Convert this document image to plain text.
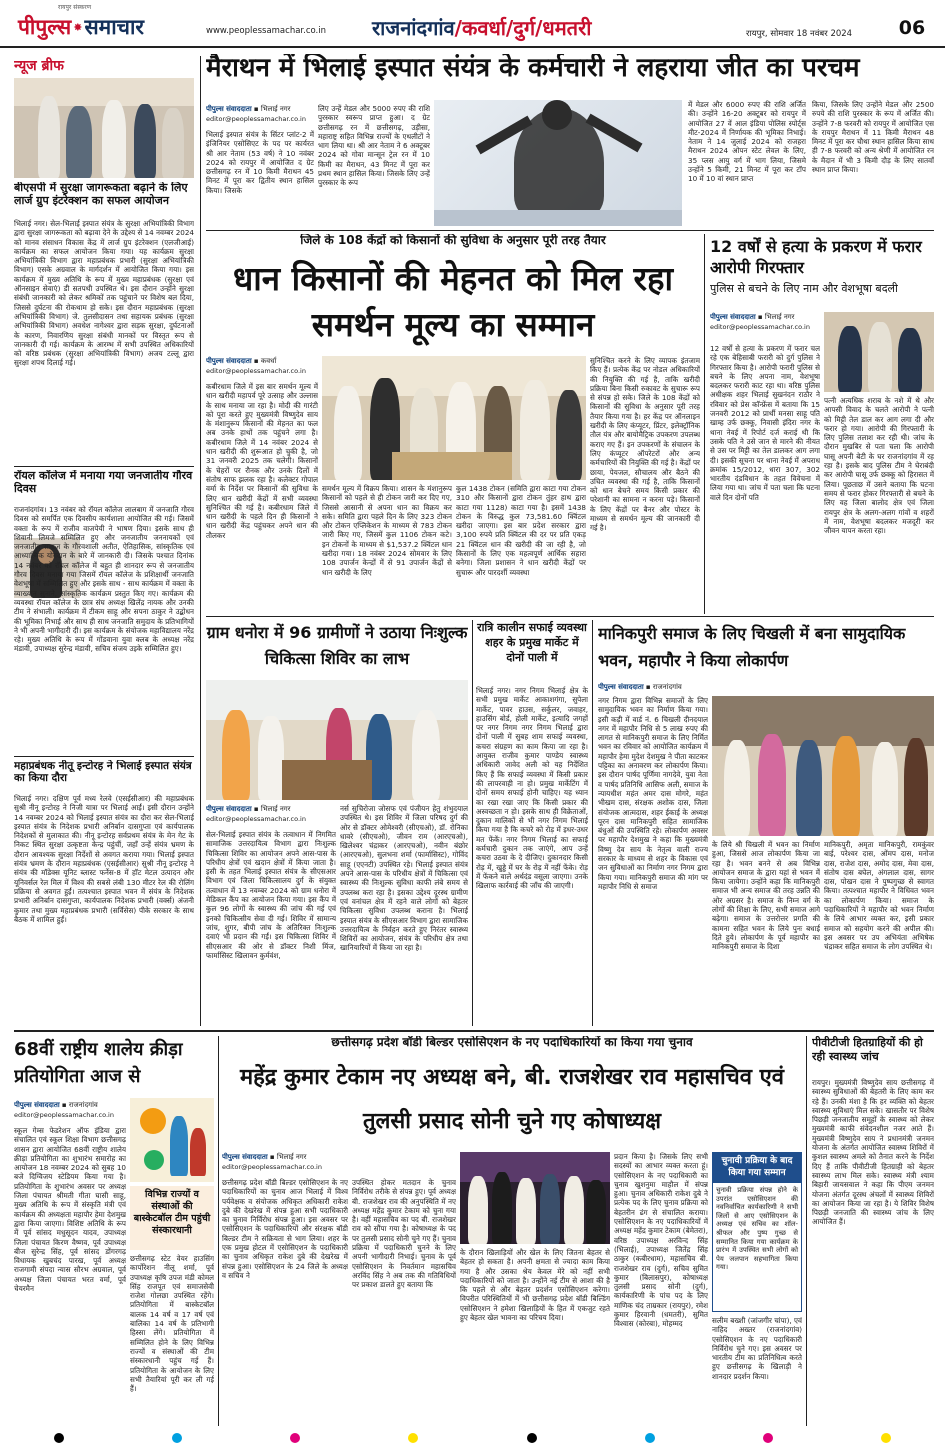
रायपुर संस्करण
पीपुल्स ✸ समाचार	www.peoplessamachar.co.in राजनांदगांव/कवर्धा/दुर्ग/धमतरी	रायपुर, सोमवार 18 नवंबर 2024 06
न्यूज ब्रीफ
बीएसपी में सुरक्षा जागरूकता बढ़ाने के लिए लार्ज ग्रुप इंटरेक्शन का सफल आयोजन
भिलाई नगर। सेल-भिलाई इस्पात संयंत्र के सुरक्षा अभियांत्रिकी विभाग द्वारा सुरक्षा जागरूकता को बढ़ावा देने के उद्देश्य से 14 नवम्बर 2024 को मानव संसाधन विकास केंद्र में लार्ज ग्रुप इंटरेक्शन (एलजीआई) कार्यक्रम का सफल आयोजन किया गया। यह कार्यक्रम सुरक्षा अभियांत्रिकी विभाग द्वारा महाप्रबंधक प्रभारी (सुरक्षा अभियांत्रिकी विभाग) एसके अग्रवाल के मार्गदर्शन में आयोजित किया गया। इस कार्यक्रम में मुख्य अतिथि के रूप में मुख्य महाप्रबंधक (सुरक्षा एवं ऑनसाइन सेवाएं) डी सतपथी उपस्थित थे। इस दौरान उन्होंने सुरक्षा संबंधी जानकारी को लेकर श्रमिकों तक पहुंचाने पर विशेष बल दिया, जिससे दुर्घटना की रोकथाम हो सके। इस दौरान महाप्रबंधक (सुरक्षा अभियांत्रिकी विभाग) जे. तुलसीदासन तथा सहायक प्रबंधक (सुरक्षा अभियांत्रिकी विभाग) अवधेश नागेश्वर द्वारा सड़क सुरक्षा, दुर्घटनाओं के कारण, निवारणिय सुरक्षा संबंधी मानकों पर विस्तृत रूप से जानकारी दी गई। कार्यक्रम के आरम्भ में सभी उपस्थित अधिकारियों को वरिष्ठ प्रबंधक (सुरक्षा अभियांत्रिकी विभाग) अजय टल्लू द्वारा सुरक्षा शपथ दिलाई गई।
रॉयल कॉलेज में मनाया गया जनजातीय गौरव दिवस
राजनांदगांव। 13 नवंबर को रॉयल कॉलेज लालबाग में जनजाति गौरव दिवस को समर्पित एक दिवसीय कार्यशाला आयोजित की गई। जिसमें वक्ता के रूप में राजीव वाजपेयी ने भाषण दिया। इसके साथ ही शिवानी लिमजे सम्मिलित हुए और जनजातीय जननायकों एवं जनजातीय समाज के गौरवशाली अतीत, ऐतिहासिक, सांस्कृतिक एवं आध्यात्मिक योगदान के बारे में जानकारी दी। जिसके पश्चात दिनांक 14 नवंबर को रॉयल कॉलेज में बहुत ही शानदार रूप से जनजातीय गौरव दिवस मनाया गया जिसमें रॉयल कॉलेज के प्रशिक्षार्थी जनजाति वेशभूषा में सम्मिलित हुए और इसके साथ - साथ कार्यक्रम में वक्ता के व्याख्यान सुनाने, सांस्कृतिक कार्यक्रम प्रस्तुत किए गए। कार्यक्रम की व्यवस्था रॉयल कॉलेज के छात्र संघ अध्यक्ष खिलेंद्र नायक और उनकी टीम ने संभाली। कार्यक्रम में टीकम साहू और सपना ठाकुर ने उद्बोधन की भूमिका निभाई और साथ ही साथ जनजाति समुदाय के प्रतिभागियों ने भी अपनी भागीदारी दी। इस कार्यक्रम के संयोजक महाविद्यालय नरेंद्र रहे। मुख्य अतिथि के रूप में गोंडवाना युवा क्लब के अध्यक्ष नरेंद्र मंडावी, उपाध्यक्ष सुरेन्द्र मंडावी, सचिव संजय उइके सम्मिलित हुए।
महाप्रबंधक नीतू इन्टोरह ने भिलाई इस्पात संयंत्र का किया दौरा
भिलाई नगर। दक्षिण पूर्व मध्य रेलवे (एसईसीआर) की महाप्रबंधक सुश्री नीनू इन्टोरह ने निजी यात्रा पर भिलाई आईं। इसी दौरान उन्होंने 14 नवम्बर 2024 को भिलाई इस्पात संयंत्र का दौरा कर सेल-भिलाई इस्पात संयंत्र के निदेशक प्रभारी अनिर्बान दासगुप्ता एवं कार्यपालक निदेशकों से मुलाकात की। नीनू इन्टोरह सर्वप्रथम संयंत्र के मेन गेट के निकट स्थित सुरक्षा उत्कृष्टता केन्द्र पहुंचीं, जहाँ उन्हें संयंत्र भ्रमण के दौरान आवश्यक सुरक्षा निर्देशों से अवगत कराया गया। भिलाई इस्पात संयंत्र भ्रमण के दौरान महाप्रबंधक (एसईसीआर) सुश्री नीनू इन्टोरह ने संयंत्र की मॉडेक्स यूनिट ब्लास्ट फर्नेस-8 में हॉट मेटल उत्पादन और यूनिवर्सल रेल मिल में विश्व की सबसे लंबी 130 मीटर रेल की रोलिंग प्रक्रिया से अवगत हुईं। तत्पश्चात इस्पात भवन में संयंत्र के निदेशक प्रभारी अनिर्बान दासगुप्ता, कार्यपालक निदेशक प्रभारी (वर्क्स) अंजनी कुमार तथा मुख्य महाप्रबंधक प्रभारी (सर्विसेस) पीके सरकार के साथ बैठक में शामिल हुईं।
मैराथन में भिलाई इस्पात संयंत्र के कर्मचारी ने लहराया जीत का परचम
पीपुल्स संवाददाता ▪ भिलाई नगर
editor@peoplessamachar.co.in
भिलाई इस्पात संयंत्र के सिंटर प्लांट-2 में इंजिनियर एसोसिएट के पद पर कार्यरत श्री आर नेताम (53 वर्ष) ने 10 नवंबर 2024 को रायपुर में आयोजित द ग्रेट छत्तीसगढ़ रन में 10 किमी मैराथन 45 मिनट में पूरा कर द्वितीय स्थान हासिल किया। जिसके
लिए उन्हें मेडल और 5000 रुपए की राशि पुरस्कार स्वरूप प्राप्त हुआ। द ग्रेट छत्तीसगढ़ रन में छत्तीसगढ़, उड़ीसा, महाराष्ट्र सहित विभिन्न राज्यों के एथलीटों ने भाग लिया था। श्री आर नेताम ने 6 अक्टूबर 2024 को गोवा मान्सून ट्रेल रन में 10 किमी का मैराथन, 43 मिनट में पूरा कर प्रथम स्थान हासिल किया। जिसके लिए उन्हें पुरस्कार के रूप
में मेडल और 6000 रुपए की राशि अर्जित की। उन्होंने 16-20 अक्टूबर को रायपुर में आयोजित 27 वें आल इंडिया पोलिस स्पोर्ट्स मीट-2024 में निर्णायक की भूमिका निभाई। नेताम ने 14 जुलाई 2024 को राजहरा मैराथन 2024 ओपन स्टेट लेवल के लिए, 35 प्लस आयु वर्ग में भाग लिया, जिसमे उन्होंने 5 किमी, 21 मिनट में पूरा कर टॉप 10 में 10 वां स्थान प्राप्त
किया, जिसके लिए उन्होंने मेडल और 2500 रुपये की राशि पुरस्कार के रूप में अर्जित की। उन्होंने 7-8 फरवरी को रायपुर में आयोजित एस के रायपुर मैराथन में 11 किमी मैराथन 48 मिनट में पूरा कर चौथा स्थान हासिल किया साथ ही 7-8 फरवरी को अन्य श्रेणी में आयोजित रन के मैदान में भी 3 किमी दौड़ के लिए सातवाँ स्थान प्राप्त किया।
जिले के 108 केंद्रों को किसानों की सुविधा के अनुसार पूरी तरह तैयार
धान किसानों की मेहनत को मिल रहा समर्थन मूल्य का सम्मान
पीपुल्स संवाददाता ▪ कवर्धा
editor@peoplessamachar.co.in
कबीरधाम जिले में इस बार समर्थन मूल्य में धान खरीदी महापर्व पूरे उत्साह और उल्लास के साथ मनाया जा रहा है। मोदी की गारंटी को पूरा करते हुए मुख्यमंत्री विष्णुदेव साय के मंशानुरूप किसानों की मेहनत का फल अब उनके हाथों तक पहुंचने लगा है। कबीरधाम जिले में 14 नवंबर 2024 से धान खरीदी की शुरूआत हो चुकी है, जो 31 जनवरी 2025 तक चलेगी। किसानों के चेहरों पर रौनक और उनके दिलों में संतोष साफ झलक रहा है। कलेक्टर गोपाल वर्मा के निर्देश पर किसानों की सुविधा के लिए धान खरीदी केंद्रों में सभी व्यवस्था सुनिश्चित की गई है। कबीरधाम जिले में धान खरीदी के पहले दिन ही किसानों ने धान खरीदी केंद्र पहुंचकर अपने धान की तौलकर
समर्थन मूल्य में विक्रय किया। शासन के मंशानुरूप किसानों को पहले से ही टोकन जारी कर दिए गए, जिससे आसानी से अपना धान का विक्रय कर सके। समिति द्वारा पहले दिन के लिए 323 टोकन और टोकन एप्लिकेशन के माध्यम से 783 टोकन जारी किए गए, जिसमें कुल 1106 टोकन कटे। इन टोकनों के माध्यम से $1,537.2 क्विंटल धान खरीदा गया। 18 नवंबर 2024 सोमवार के लिए 108 उपार्जन केन्द्रों में से 91 उपार्जन केंद्रों से धान खरीदी के लिए
कुल 1438 टोकन (समिति द्वारा काटा गया टोकन 310 और किसानों द्वारा टोकन तुंहर हाथ द्वारा काटा गया 1128) काटा गया है। इसमें 1438 टोकन के विरुद्ध कुल 73,581.60 क्विंटल खरीदा जाएगा। इस बार प्रदेश सरकार द्वारा 3,100 रुपये प्रति क्विंटल की दर पर प्रति एकड़ 21 क्विंटल धान की खरीदी की जा रही है, जो किसानों के लिए एक महत्वपूर्ण आर्थिक सहारा बनेगा। जिला प्रशासन ने धान खरीदी केंद्रों पर सुचारू और पारदर्शी व्यवस्था
सुनिश्चित करने के लिए व्यापक इंतजाम किए हैं। प्रत्येक केंद्र पर नोडल अधिकारियों की नियुक्ति की गई है, ताकि खरीदी प्रक्रिया बिना किसी रुकावट के सुचारू रूप से संपन्न हो सके। जिले के 108 केंद्रों को किसानों की सुविधा के अनुसार पूरी तरह तैयार किया गया है। हर केंद्र पर ऑनलाइन खरीदी के लिए कंप्यूटर, प्रिंटर, इलेक्ट्रॉनिक तौल यंत्र और बायोमैट्रिक उपकरण उपलब्ध कराए गए हैं। इन उपकरणों के संचालन के लिए कंप्यूटर ऑपरेटरों और अन्य कर्मचारियों की नियुक्ति की गई है। केंद्रों पर छाया, पेयजल, सौचालय और बैठने की उचित व्यवस्था की गई है, ताकि किसानों को धान बेचने समय किसी प्रकार की परेशानी का सामना न करना पड़े। किसानों के लिए केंद्रों पर बैनर और पोस्टर के माध्यम से समर्थन मूल्य की जानकारी दी गई है।
12 वर्षों से हत्या के प्रकरण में फरार आरोपी गिरफ्तार
पुलिस से बचने के लिए नाम और वेशभूषा बदली
पीपुल्स संवाददाता ▪ भिलाई नगर
editor@peoplessamachar.co.in
12 वर्षों से हत्या के प्रकरण में फरार चल रहे एक बेहिसाबी फरारी को दुर्ग पुलिस ने गिरफ्तार किया है। आरोपी फरारी पुलिस से बचने के लिए अपना नाम, वेशभूषा बदलकर फरारी काट रहा था। वरिष्ठ पुलिस अधीक्षक शहर भिलाई सुखनंदन राठौर ने रविवार को प्रेस कॉन्फ्रेंस में बताया कि 15 जनवरी 2012 को प्रार्थी मनसा साहू पति खाम्ह उर्फ छक्कू, निवासी इंदिरा नगर के थाना नेवई में रिपोर्ट दर्ज कराई थी कि उसके पति ने उसे जान से मारने की नीयत से उस पर मिट्टी का तेल डालकर आग लगा दी। इसकी सूचना पर थाना नेवई में अपराध क्रमांक 15/2012, धारा 307, 302 भारतीय दंडविधान के तहत विवेचना में लिया गया था। जांच में पता चला कि घटना वाले दिन दोनों पति
पत्नी अत्यधिक शराब के नशे में थे और आपसी विवाद के चलते आरोपी ने पत्नी को मिट्टी तेल डाल कर आग लगा दी और फरार हो गया। आरोपी की गिरफ्तारी के लिए पुलिस तलाश कर रही थी। जांच के दौरान मुखबिर से पता चला कि आरोपी घासू अपनी बेटी के घर राजनांदगांव में रह रहा है। इसके बाद पुलिस टीम ने घेराबंदी कर आरोपी घासू उर्फ छक्कू को हिरासत में लिया। पूछताछ में उसने बताया कि घटना समय से फरार होकर गिरफ्तारी से बचने के लिए वह जिला बालोद क्षेत्र एवं जिला रायपुर क्षेत्र के अलग-अलग गांवों व शहरों में नाम, वेशभूषा बदलकर मजदूरी कर जीवन यापन करता रहा।
ग्राम धनोरा में 96 ग्रामीणों ने उठाया निःशुल्क चिकित्सा शिविर का लाभ
पीपुल्स संवाददाता ▪ भिलाई नगर
editor@peoplessamachar.co.in
सेल-भिलाई इस्पात संयंत्र के तत्वाधान में निगमित सामाजिक उत्तरदायित्व विभाग द्वारा निःशुल्क चिकित्सा शिविर का आयोजन अपने आस-पास के परिधीय क्षेत्रों एवं खदान क्षेत्रों में किया जाता है। इसी के तहत भिलाई इस्पात संयंत्र के सीएसआर विभाग एवं जिला चिकित्सालय दुर्ग के संयुक्त तत्वाधान में 13 नवम्बर 2024 को ग्राम धनोरा में मेडिकल कैंप का आयोजन किया गया। इस कैंप में कुल 96 लोगों के स्वास्थ्य की जांच की गई एवं इनको चिकित्सीय सेवा दी गई। शिविर में सामान्य जांच, शुगर, बीपी जांच के अतिरिक्त निःशुल्क दवाएं भी प्रदान की गईं। इस चिकित्सा शिविर में सीएसआर की ओर से डॉक्टर निशी मिंज, फार्मासिस्ट खिलावन कुर्मवंश,
नर्स सुचिरोजा जोसफ एवं पंजीयन हेतु शंभुदयाल उपस्थित थे। इस शिविर में जिला परिषद दुर्ग की ओर से डॉक्टर ओमेश्वरी (सीएचओ), डॉ. रोनिका धावरे (सीएचओ), जीवन राम (आरएचओ), खिलेश्वर चंद्राकर (आरएचओ), नवीन बंछोर (आरएचओ), सुलभना शर्मा (फार्मासिस्ट), गोविंद साहू (एएनटी) उपस्थित रहे। भिलाई इस्पात संयंत्र अपने आस-पास के परिधीय क्षेत्रों में चिकित्सा एवं स्वास्थ्य की निःशुल्क सुविधा काफी लंबे समय से उपलब्ध करा रहा है। इसका उद्देश्य दूरस्थ ग्रामीण एवं वनांचल क्षेत्र में रहने वाले लोगों को बेहतर चिकित्सा सुविधा उपलब्ध कराना है। भिलाई इस्पात संयंत्र के सीएसआर विभाग द्वारा सामाजिक उत्तरदायित्व के निर्वहन करते हुए निरंतर स्वास्थ्य शिविरों का आयोजन, संयंत्र के परिधीय क्षेत्र तथा खानियारियों में किया जा रहा है।
रात्रि कालीन सफाई व्यवस्था शहर के प्रमुख मार्केट में दोनों पाली में
भिलाई नगर। नगर निगम भिलाई क्षेत्र के सभी प्रमुख मार्केट आकाशगंगा, सुपेला मार्केट, पावर हाउस, सर्कुलर, जवाहर, हाउसिंग बोर्ड, होली मार्केट, इत्यादि जगहों पर नगर निगम नगर निगम भिलाई द्वारा दोनों पाली में सुबह शाम सफाई व्यवस्था, कचरा संग्रहण का काम किया जा रहा है। आयुक्त राजीव कुमार पाण्डेय स्वास्थ्य अधिकारी जावेद अली को यह निर्देशित किए हैं कि सफाई व्यवस्था में किसी प्रकार की लापरवाही ना हो। प्रमुख मार्केटिंग में दोनों समय सफाई होनी चाहिए। यह ध्यान का रखा रखा जाए कि किसी प्रकार की अस्वच्छता न हो। इसके साथ ही विक्रेताओं, दुकान मालिकों से भी नगर निगम भिलाई किया गया है कि कचरे को रोड़ में इधर-उधर मत फेंकें। नगर निगम भिलाई का सफाई कर्मचारी दुकान तक जाएंगे, आप उन्हें कचरा उठवा के दे दीजिए। दुकानदार किसी रोड़ में, खुड्डे में घर के रोड़ में नहीं फेंके। रोड़ में फेंकने वाले अर्थदंड वसूला जाएगा। उनके खिलाफ कार्रवाई की जाँच की जाएगी।
मानिकपुरी समाज के लिए चिखली में बना सामुदायिक भवन, महापौर ने किया लोकार्पण
पीपुल्स संवाददाता ▪ राजनांदगांव
नगर निगम द्वारा विभिन्न समाजों के लिए सामुदायिक भवन का निर्माण किया गया। इसी कड़ी में वार्ड नं. 6 चिखली दीनदयाल नगर में महापौर निधि से 5 लाख रुपए की लागत से मानिकपुरी समाज के लिए निर्मित भवन का रविवार को आयोजित कार्यक्रम में महापौर हेमा मुदेश देशमुख ने पीता काटकर पट्टिका का अनावरण कर लोकार्पण किया। इस दौरान पार्षद पूर्णिमा नागदेवे, युवा नेता व पार्षद प्रतिनिधि आसिफ अली, समाज के न्यायधीश महंत अमर दास मोगरे, महंत भीखम दास, संरक्षक अशोक दास, जिला संयोजक आत्मदास, शहर ईकाई के अध्यक्ष पूरन दास मानिकपुरी सहित सामाजिक बंधुओं की उपस्थिति रहे। लोकार्पण अवसर पर महापौर देशमुख ने कहा कि मुख्यमंत्री विष्णु देव साय के नेतृत्व वाली राज्य सरकार के माध्यम से शहर के विकास एवं जन सुविधाओं का निर्माण नगर निगम द्वारा किया गया। मानिकपुरी समाज की मांग पर महापौर निधि से समाज
के लिये श्री चिखली में भवन का निर्माण हुआ, जिससे आज लोकार्पण किया जा रहा है। भवन बनने से अब विभिन्न आयोजन समाज के द्वारा यहां से भवन में किया जायेगा। उन्होंने कहा कि मानिकपुरी समाज भी अन्य समाज की तरह उन्नति की ओर अग्रसर है। समाज के निम्न वर्ग के लोगों की शिक्षा के लिए, सभी समाज आगे बढ़ेगा। समाज के उत्तरोत्तर प्रगति की कामना सहित भवन के लिये पुनः बधाई दिते हुये। लोकार्पण के पूर्व महापौर का मानिकपुरी समाज के दिशा
मानिकपुरी, अमृता मानिकपुरी, रामकुंवर बाई, परेश्वर दास, ओंमप दास, मनोज दास, राजेश दास, अमोद दास, मेवा दास, संतोष दास बघेल, अंगलाल दास, सागर दास, पोखन दास ने पुष्पगुच्छ से स्वागत किया। तत्पश्चात महापौर ने विधिवत भवन का लोकार्पण किया। समाज के पदाधिकारियों ने महापौर को भवन निर्माण के लिये आभार व्यक्त कर, इसी प्रकार समाज को सहयोग करने की अपील की। इस अवसर पर उप अभियंता अभिषेक चंद्राकर सहित समाज के लोग उपस्थित थे।
68वीं राष्ट्रीय शालेय क्रीड़ा प्रतियोगिता आज से
पीपुल्स संवाददाता ▪ राजनांदगांव
editor@peoplessamachar.co.in
स्कूल गेम्स फेडरेशन ऑफ इंडिया द्वारा संचालित एवं स्कूल शिक्षा विभाग छत्तीसगढ़ शासन द्वारा आयोजित 68वीं राष्ट्रीय शालेय क्रीड़ा प्रतियोगिता का शुभारंभ समारोह का आयोजन 18 नवम्बर 2024 को सुबह 10 बजे दिग्विजय स्टेडियम किया गया है। प्रतियोगिता के शुभारंभ अवसर पर अध्यक्ष जिला पंचायत श्रीमती गीता घासी साहू, मुख्य अतिथि के रूप में संस्कृति मंत्री एवं कार्यक्रम की अध्यक्षता महापौर हेमा देशमुख द्वारा किया जाएगा। विशिष्ट अतिथि के रूप में पूर्व सांसद मधुसूदन यादव, उपाध्यक्ष जिला पंचायत किरण वैष्णव, पूर्व उपाध्यक्ष बीज सुरेन्द्र सिंह, पूर्व सांसद डोंगरगढ़ विधायक खुबचंद पारख, पूर्व अध्यक्ष राजगामी संपदा न्यास सौरभ अग्रवाल, पूर्व अध्यक्ष जिला पंचायत भरत वर्मा, पूर्व चेयरमैन
विभिन्न राज्यों व संस्थाओं की बास्केटबॉल टीम पहुंची संस्कारधानी
छत्तीसगढ़ स्टेट वेयर हाउसिंग कार्पोरेशन नीलू शर्मा, पूर्व उपाध्यक्ष कृषि उपज मंडी कोमल सिंह राजपूत एवं समाजसेवी राजेश गोलछा उपस्थित रहेंगे। प्रतियोगिता में बास्केटबॉल बालक 14 वर्ष व 17 वर्ष एवं बालिका 14 वर्ष के प्रतिभागी हिस्सा लेंगे। प्रतियोगिता में सम्मिलित होने के लिए विभिन्न राज्यों व संस्थाओं की टीम संस्कारधानी पहुंच गई हैं। प्रतियोगिता के आयोजन के लिए सभी तैयारियां पूरी कर ली गई हैं।
छत्तीसगढ़ प्रदेश बॉडी बिल्डर एसोसिएशन के नए पदाधिकारियों का किया गया चुनाव
महेंद्र कुमार टेकाम नए अध्यक्ष बने, बी. राजशेखर राव महासचिव एवं तुलसी प्रसाद सोनी चुने गए कोषाध्यक्ष
पीपुल्स संवाददाता ▪ भिलाई नगर
editor@peoplessamachar.co.in
छत्तीसगढ़ प्रदेश बॉडी बिल्डर एसोसिएशन के नए पदाधिकारियों का चुनाव आज भिलाई में विश्व पर्यवेक्षक व संयोजक अधिकृत अधिकारी राकेश दुबे की देखरेख में संपन्न हुआ सभी पदाधिकारी का चुनाव निर्विरोध संपन्न हुआ। इस अवसर पर एसोसिएशन के पदाधिकारियों और संरक्षक बॉडी बिल्डर टीम ने सक्रियता से भाग लिया। शहर के एक प्रमुख होटल में एसोसिएशन के पदाधिकारी का चुनाव अधिकृत राकेश दुबे की देखरेख में संपन्न हुआ। एसोसिएशन के 24 जिले के अध्यक्ष व सचिव ने
उपस्थित होकर मतदान के चुनाव निर्विरोध तरीके से संपन्न हुए। पूर्व अध्यक्ष बी. राजशेखर राव की अनुपस्थिति में नए अध्यक्ष महेंद्र कुमार टेकाम को चुना गया है। वहीं महासचिव का पद बी. राजशेखर राव को सौंपा गया है। कोषाध्यक्ष के पद पर तुलसी प्रसाद सोनी चुने गए हैं। चुनाव प्रक्रिया में पदाधिकारी चुनने के लिए अपनी भागीदारी निभाई। चुनाव के पूर्व एसोसिएशन के निवर्तमान महासचिव अरविंद सिंह ने अब तक की गतिविधियों पर प्रकाश डालते हुए बताया कि
के दौरान खिलाड़ियों और खेल के लिए जितना बेहतर से बेहतर हो सकता है। अपनी क्षमता से ज्यादा काम किया गया है और उसका श्रेय केवल मेरे को नहीं सभी पदाधिकारियों को जाता है। उन्होंने नई टीम से आशा की है कि पहले से और बेहतर प्रदर्शन एसोसिएशन करेगा। विपरीत परिस्थितियों में भी छत्तीसगढ़ प्रदेश बॉडी बिल्डिंग एसोसिएशन ने हमेशा खिलाड़ियों के हित में एकजुट रहते हुए बेहतर खेल भावना का परिचय दिया।
प्रदान किया है। जिसके लिए सभी सदस्यों का आभार व्यक्त करता हूं। एसोसिएशन के नए पदाधिकारी का चुनाव खुशनुमा माहौल में संपन्न हुआ। चुनाव अधिकारी राकेश दुबे ने प्रत्येक पद के लिए चुनाव प्रक्रिया को बेहतरीन ढंग से संचालित कराया। एसोसिएशन के नए पदाधिकारियों में अध्यक्ष महेंद्र कुमार टेकाम (बेमेतरा), वरिष्ठ उपाध्यक्ष अरविन्द सिंह (भिलाई), उपाध्यक्ष जितेंद्र सिंह ठाकुर (कबीरधाम), महासचिव बी. राजशेखर राव (दुर्ग), सचिव सुमित कुमार (बिलासपुर), कोषाध्यक्ष तुलसी प्रसाद सोनी (दुर्ग), कार्यकारिणी के पांच पद के लिए माणिक चंद ताम्रकार (रायपुर), रमेश कुमार हिरवानी (धमतरी), सुमित विश्वास (कोरबा), मोहम्मद
चुनावी प्रक्रिया के बाद किया गया सम्मान
चुनावी प्रक्रिया संपन्न होने के उपरांत एसोसिएशन की नवनिर्वाचित कार्यकारिणी ने सभी जिलों से आए एसोसिएशन के अध्यक्ष एवं सचिव का शॉल-श्रीफल और पुष्प गुच्छ से सम्मानित किया गया कार्यक्रम के प्रारंभ में उपस्थित सभी लोगों को पेय जलपान सहभागिता किया गया।
सलीम बख्शी (जांजगीर चांपा), एवं नाहिद अख्तर (राजनांदगांव) एसोसिएशन के नए पदाधिकारी निर्विरोध चुने गए। इस अवसर पर भारतीय टीम का प्रतिनिधित्व करते हुए छत्तीसगढ़ के खिलाड़ी ने शानदार प्रदर्शन किया।
पीवीटीजी हितग्राहियों की हो रही स्वास्थ्य जांच
रायपुर। मुख्यमंत्री विष्णुदेव साय छत्तीसगढ़ में स्वास्थ्य सुविधाओं की बेहतरी के लिए काम कर रहे हैं। उनकी मंशा है कि हर व्यक्ति को बेहतर स्वास्थ्य सुविधाएं मिल सके। खासतौर पर विशेष पिछड़ी जनजातीय समूहों के स्वास्थ्य को लेकर मुख्यमंत्री काफी संवेदनशील नजर आते हैं। मुख्यमंत्री विष्णुदेव साय ने प्रधानमंत्री जनमन योजना के अंतर्गत आयोजित स्वास्थ्य शिविरों में कुशल स्वास्थ्य अमले को तैनात करने के निर्देश दिए हैं ताकि पीवीटीजी हितग्राही को बेहतर स्वास्थ्य लाभ मिल सके। स्वास्थ्य मंत्री श्याम बिहारी जायसवाल ने कहा कि पीएम जनमन योजना अंतर्गत दूरस्थ अंचलों में स्वास्थ्य शिविरों का आयोजन किया जा रहा है। ये शिविर विशेष पिछड़ी जनजाति की स्वास्थ्य जांच के लिए आयोजित हैं।
